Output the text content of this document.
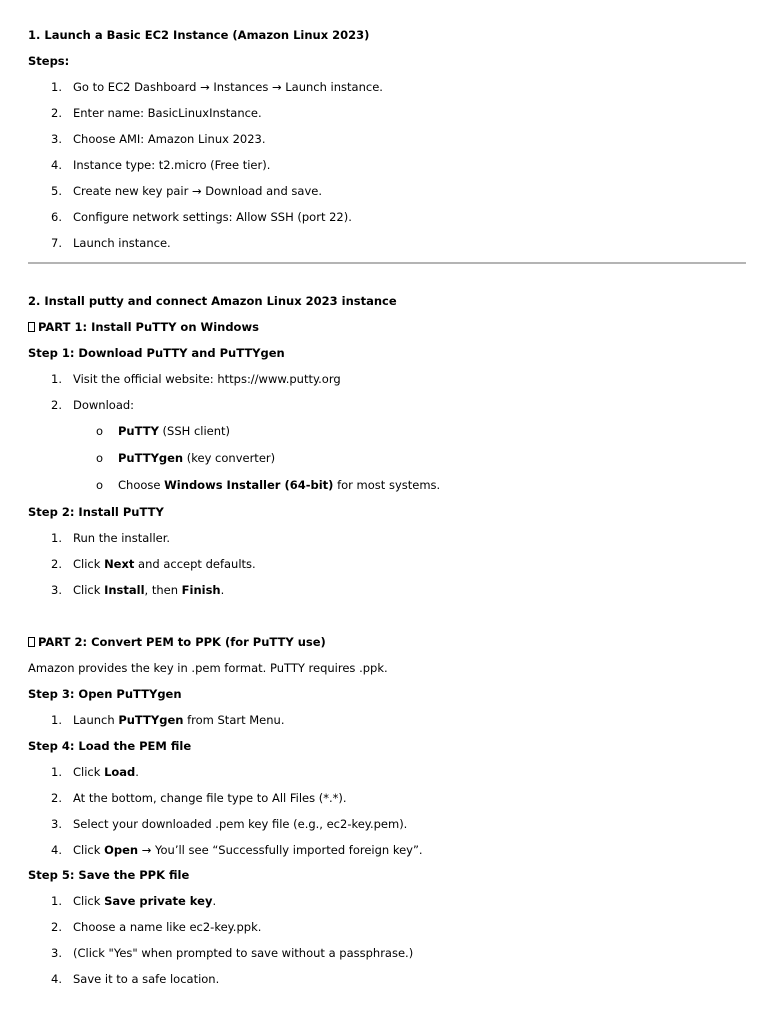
1. Launch a Basic EC2 Instance (Amazon Linux 2023)
Steps:
1. Go to EC2 Dashboard → Instances → Launch instance.
2. Enter name: BasicLinuxInstance.
3. Choose AMI: Amazon Linux 2023.
4. Instance type: t2.micro (Free tier).
5. Create new key pair → Download and save.
6. Configure network settings: Allow SSH (port 22).
7. Launch instance.
2. Install putty and connect Amazon Linux 2023 instance
PART 1: Install PuTTY on Windows
Step 1: Download PuTTY and PuTTYgen
1. Visit the official website: https://www.putty.org
2. Download:
o PuTTY (SSH client)
o PuTTYgen (key converter)
o Choose Windows Installer (64-bit) for most systems.
Step 2: Install PuTTY
1. Run the installer.
2. Click Next and accept defaults.
3. Click Install, then Finish.
PART 2: Convert PEM to PPK (for PuTTY use)
Amazon provides the key in .pem format. PuTTY requires .ppk.
Step 3: Open PuTTYgen
1. Launch PuTTYgen from Start Menu.
Step 4: Load the PEM file
1. Click Load.
2. At the bottom, change file type to All Files (*.*).
3. Select your downloaded .pem key file (e.g., ec2-key.pem).
4. Click Open → You’ll see “Successfully imported foreign key”.
Step 5: Save the PPK file
1. Click Save private key.
2. Choose a name like ec2-key.ppk.
3. (Click "Yes" when prompted to save without a passphrase.)
4. Save it to a safe location.
